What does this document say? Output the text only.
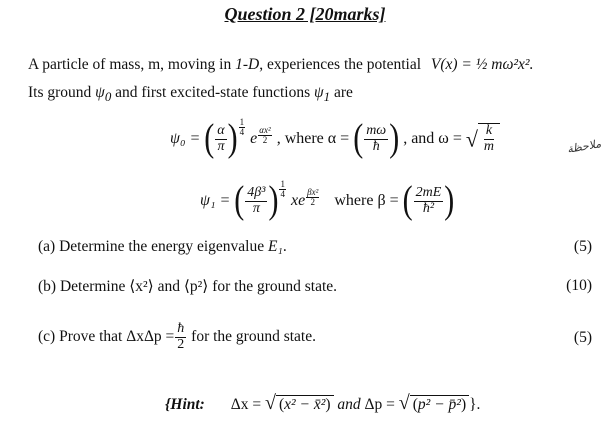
Question 2 [20marks]
A particle of mass, m, moving in 1-D, experiences the potential V(x) = ½ mω²x².
Its ground $\psi_0$ and first excited-state functions $\psi_1$ are
ψ₀ = ( $\frac{\alpha}{\pi}$ ) $\frac{1}{4}$
e $\frac{\text{αx²}}{2}$ , where α = ( $\frac{m\omega}{ħ}$ ) , and ω = √ $\frac{k}{m}$
ψ₁ = ( $\frac{\text{4β³}}{\pi}$ ) $\frac{1}{4}$
xe $\frac{\text{βx²}}{2}$ where β = ( $\frac{2mE}{\text{ħ²}}$ )
(a) Determine the energy eigenvalue E₁.	(5)
(b) Determine ⟨x²⟩ and ⟨p²⟩ for the ground state.	(10)
(c) Prove that $\Delta x\Delta p = \frac{ħ}{2}$ for the ground state.	(5)
{Hint: Δx = √ (x² − x̄²) and Δp = √ (p² − p̄²) }.
ملاحظة
